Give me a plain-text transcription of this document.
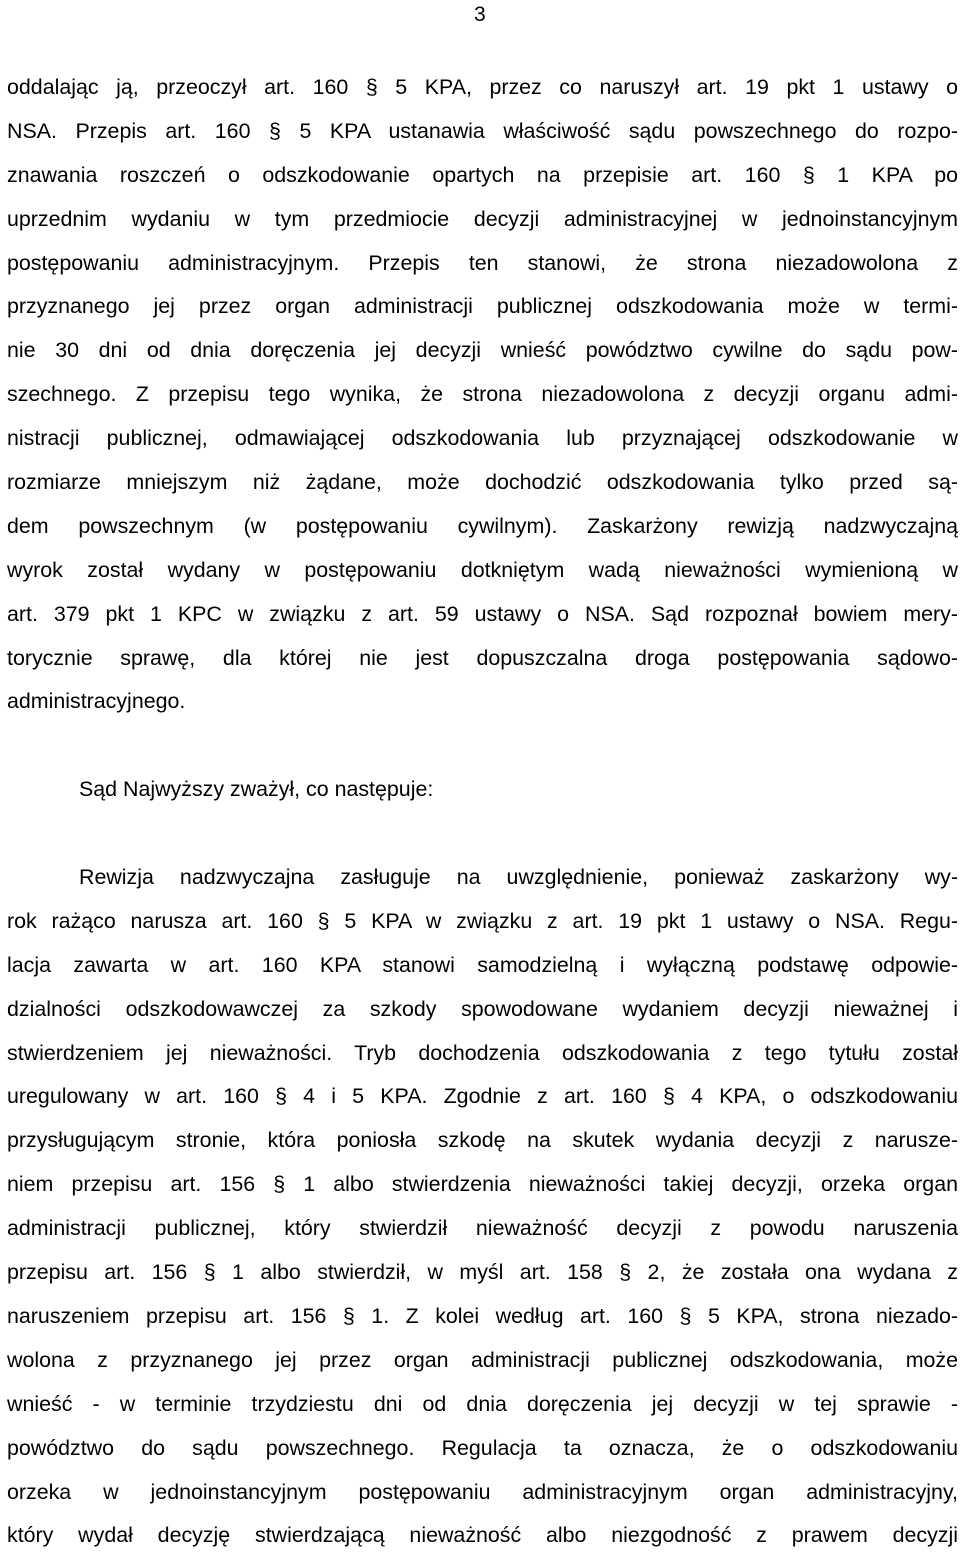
3
oddalając ją, przeoczył art. 160 § 5 KPA, przez co naruszył art. 19 pkt 1 ustawy o
NSA. Przepis art. 160 § 5 KPA ustanawia właściwość sądu powszechnego do rozpo-
znawania roszczeń o odszkodowanie opartych na przepisie art. 160 § 1 KPA po
uprzednim wydaniu w tym przedmiocie decyzji administracyjnej w jednoinstancyjnym
postępowaniu administracyjnym. Przepis ten stanowi, że strona niezadowolona z
przyznanego jej przez organ administracji publicznej odszkodowania może w termi-
nie 30 dni od dnia doręczenia jej decyzji wnieść powództwo cywilne do sądu pow-
szechnego. Z przepisu tego wynika, że strona niezadowolona z decyzji organu admi-
nistracji publicznej, odmawiającej odszkodowania lub przyznającej odszkodowanie w
rozmiarze mniejszym niż żądane, może dochodzić odszkodowania tylko przed są-
dem powszechnym (w postępowaniu cywilnym). Zaskarżony rewizją nadzwyczajną
wyrok został wydany w postępowaniu dotkniętym wadą nieważności wymienioną w
art. 379 pkt 1 KPC w związku z art. 59 ustawy o NSA. Sąd rozpoznał bowiem mery-
torycznie sprawę, dla której nie jest dopuszczalna droga postępowania sądowo-
administracyjnego.
Sąd Najwyższy zważył, co następuje:
Rewizja nadzwyczajna zasługuje na uwzględnienie, ponieważ zaskarżony wy-
rok rażąco narusza art. 160 § 5 KPA w związku z art. 19 pkt 1 ustawy o NSA. Regu-
lacja zawarta w art. 160 KPA stanowi samodzielną i wyłączną podstawę odpowie-
dzialności odszkodowawczej za szkody spowodowane wydaniem decyzji nieważnej i
stwierdzeniem jej nieważności. Tryb dochodzenia odszkodowania z tego tytułu został
uregulowany w art. 160 § 4 i 5 KPA. Zgodnie z art. 160 § 4 KPA, o odszkodowaniu
przysługującym stronie, która poniosła szkodę na skutek wydania decyzji z narusze-
niem przepisu art. 156 § 1 albo stwierdzenia nieważności takiej decyzji, orzeka organ
administracji publicznej, który stwierdził nieważność decyzji z powodu naruszenia
przepisu art. 156 § 1 albo stwierdził, w myśl art. 158 § 2, że została ona wydana z
naruszeniem przepisu art. 156 § 1. Z kolei według art. 160 § 5 KPA, strona niezado-
wolona z przyznanego jej przez organ administracji publicznej odszkodowania, może
wnieść - w terminie trzydziestu dni od dnia doręczenia jej decyzji w tej sprawie -
powództwo do sądu powszechnego. Regulacja ta oznacza, że o odszkodowaniu
orzeka w jednoinstancyjnym postępowaniu administracyjnym organ administracyjny,
który wydał decyzję stwierdzającą nieważność albo niezgodność z prawem decyzji
